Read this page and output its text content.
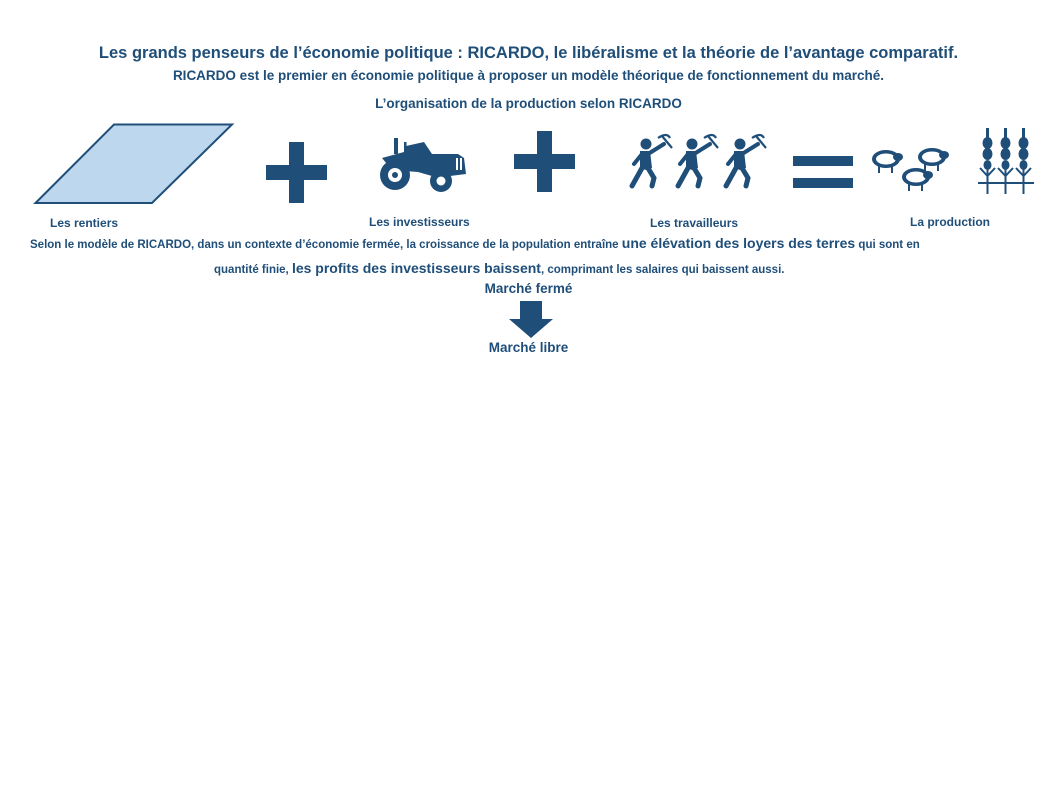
Les grands penseurs de l’économie politique : RICARDO, le libéralisme et la théorie de l’avantage comparatif.
RICARDO est le premier en économie politique à proposer un modèle théorique de fonctionnement du marché.
L’organisation de la production selon RICARDO
Les rentiers	Les investisseurs	Les travailleurs	La production
Selon le modèle de RICARDO, dans un contexte d’économie fermée, la croissance de la population entraîne une élévation des loyers des terres qui sont en
quantité finie, les profits des investisseurs baissent, comprimant les salaires qui baissent aussi.
Marché fermé
Marché libre
